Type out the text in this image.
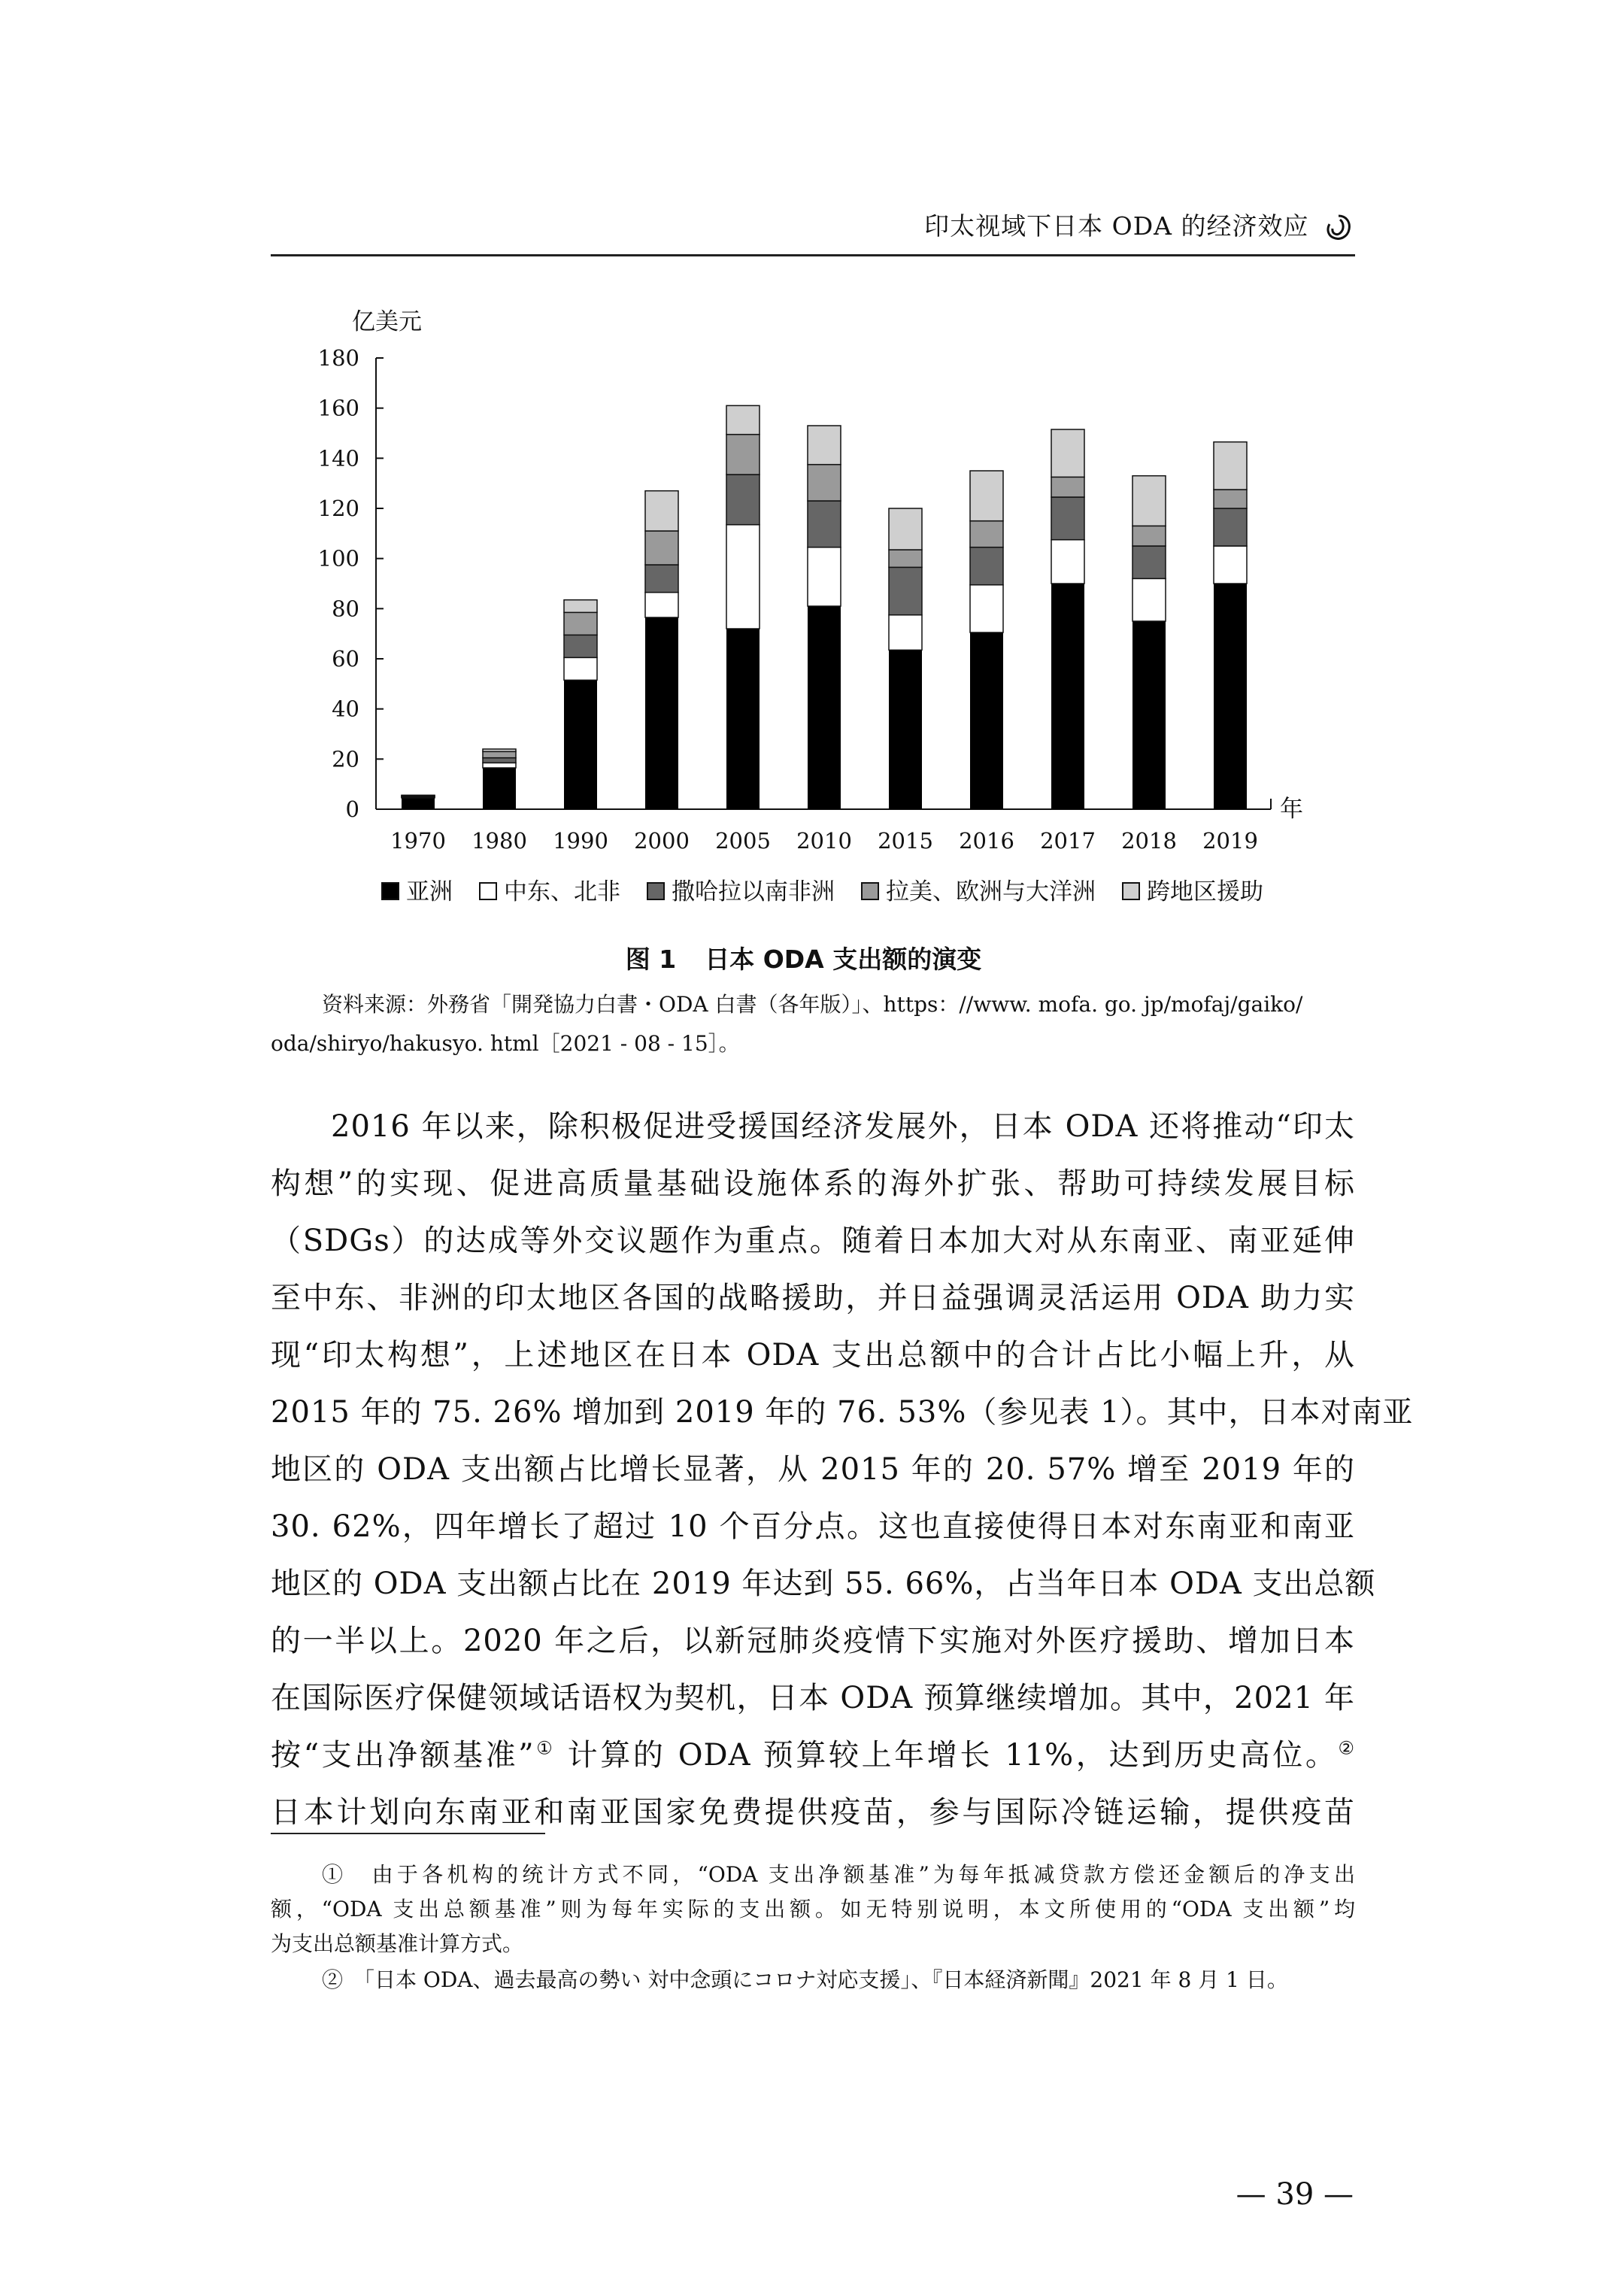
印太视域下日本 ODA 的经济效应
0
20
40
60
80
100
120
140
160
180
亿美元
年
1970 1980 1990 2000 2005 2010 2015 2016 2017 2018 2019
亚洲 中东、北非 撒哈拉以南非洲 拉美、欧洲与大洋洲 跨地区援助
图 1 日本 ODA 支出额的演变
资料来源：外務省「開発協力白書・ODA 白書（各年版）」、https：//www. mofa. go. jp/mofaj/gaiko/
oda/shiryo/hakusyo. html［2021 - 08 - 15］。
2016 年以来，除积极促进受援国经济发展外，日本 ODA 还将推动“印太
构想”的实现、促进高质量基础设施体系的海外扩张、帮助可持续发展目标
（SDGs）的达成等外交议题作为重点。随着日本加大对从东南亚、南亚延伸
至中东、非洲的印太地区各国的战略援助，并日益强调灵活运用 ODA 助力实
现“印太构想”，上述地区在日本 ODA 支出总额中的合计占比小幅上升，从
2015 年的 75. 26% 增加到 2019 年的 76. 53%（参见表 1）。其中，日本对南亚
地区的 ODA 支出额占比增长显著，从 2015 年的 20. 57% 增至 2019 年的
30. 62%，四年增长了超过 10 个百分点。这也直接使得日本对东南亚和南亚
地区的 ODA 支出额占比在 2019 年达到 55. 66%，占当年日本 ODA 支出总额
的一半以上。2020 年之后，以新冠肺炎疫情下实施对外医疗援助、增加日本
在国际医疗保健领域话语权为契机，日本 ODA 预算继续增加。其中，2021 年
按“支出净额基准”① 计算的 ODA 预算较上年增长 11%，达到历史高位。②
日本计划向东南亚和南亚国家免费提供疫苗，参与国际冷链运输，提供疫苗
①　由于各机构的统计方式不同，“ODA 支出净额基准”为每年抵减贷款方偿还金额后的净支出
额，“ODA 支出总额基准”则为每年实际的支出额。如无特别说明，本文所使用的“ODA 支出额”均
为支出总额基准计算方式。
②　「日本 ODA、過去最高の勢い 対中念頭にコロナ対応支援」、『日本経済新聞』2021 年 8 月 1 日。
— 39 —
